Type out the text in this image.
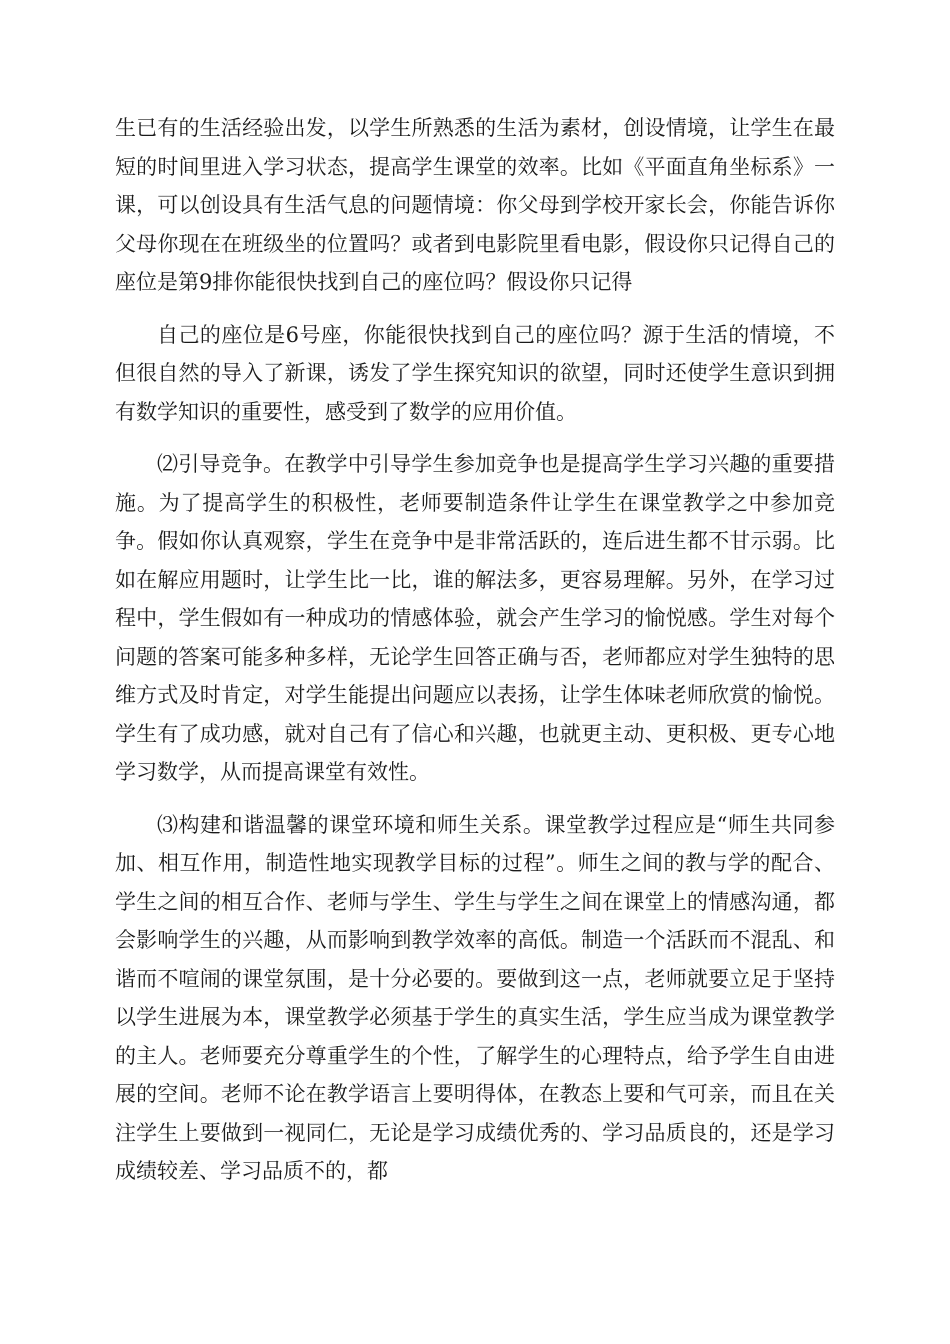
生已有的生活经验出发，以学生所熟悉的生活为素材，创设情境，让学生在最短的时间里进入学习状态，提高学生课堂的效率。比如《平面直角坐标系》一课，可以创设具有生活气息的问题情境：你父母到学校开家长会，你能告诉你父母你现在在班级坐的位置吗？或者到电影院里看电影，假设你只记得自己的座位是第9排你能很快找到自己的座位吗？假设你只记得

自己的座位是6号座，你能很快找到自己的座位吗？源于生活的情境，不但很自然的导入了新课，诱发了学生探究知识的欲望，同时还使学生意识到拥有数学知识的重要性，感受到了数学的应用价值。

⑵引导竞争。在教学中引导学生参加竞争也是提高学生学习兴趣的重要措施。为了提高学生的积极性，老师要制造条件让学生在课堂教学之中参加竞争。假如你认真观察，学生在竞争中是非常活跃的，连后进生都不甘示弱。比如在解应用题时，让学生比一比，谁的解法多，更容易理解。另外，在学习过程中，学生假如有一种成功的情感体验，就会产生学习的愉悦感。学生对每个问题的答案可能多种多样，无论学生回答正确与否，老师都应对学生独特的思维方式及时肯定，对学生能提出问题应以表扬，让学生体味老师欣赏的愉悦。学生有了成功感，就对自己有了信心和兴趣，也就更主动、更积极、更专心地学习数学，从而提高课堂有效性。

⑶构建和谐温馨的课堂环境和师生关系。课堂教学过程应是“师生共同参加、相互作用，制造性地实现教学目标的过程”。师生之间的教与学的配合、学生之间的相互合作、老师与学生、学生与学生之间在课堂上的情感沟通，都会影响学生的兴趣，从而影响到教学效率的高低。制造一个活跃而不混乱、和谐而不喧闹的课堂氛围，是十分必要的。要做到这一点，老师就要立足于坚持以学生进展为本，课堂教学必须基于学生的真实生活，学生应当成为课堂教学的主人。老师要充分尊重学生的个性，了解学生的心理特点，给予学生自由进展的空间。老师不论在教学语言上要明得体，在教态上要和气可亲，而且在关注学生上要做到一视同仁，无论是学习成绩优秀的、学习品质良的，还是学习成绩较差、学习品质不的，都
